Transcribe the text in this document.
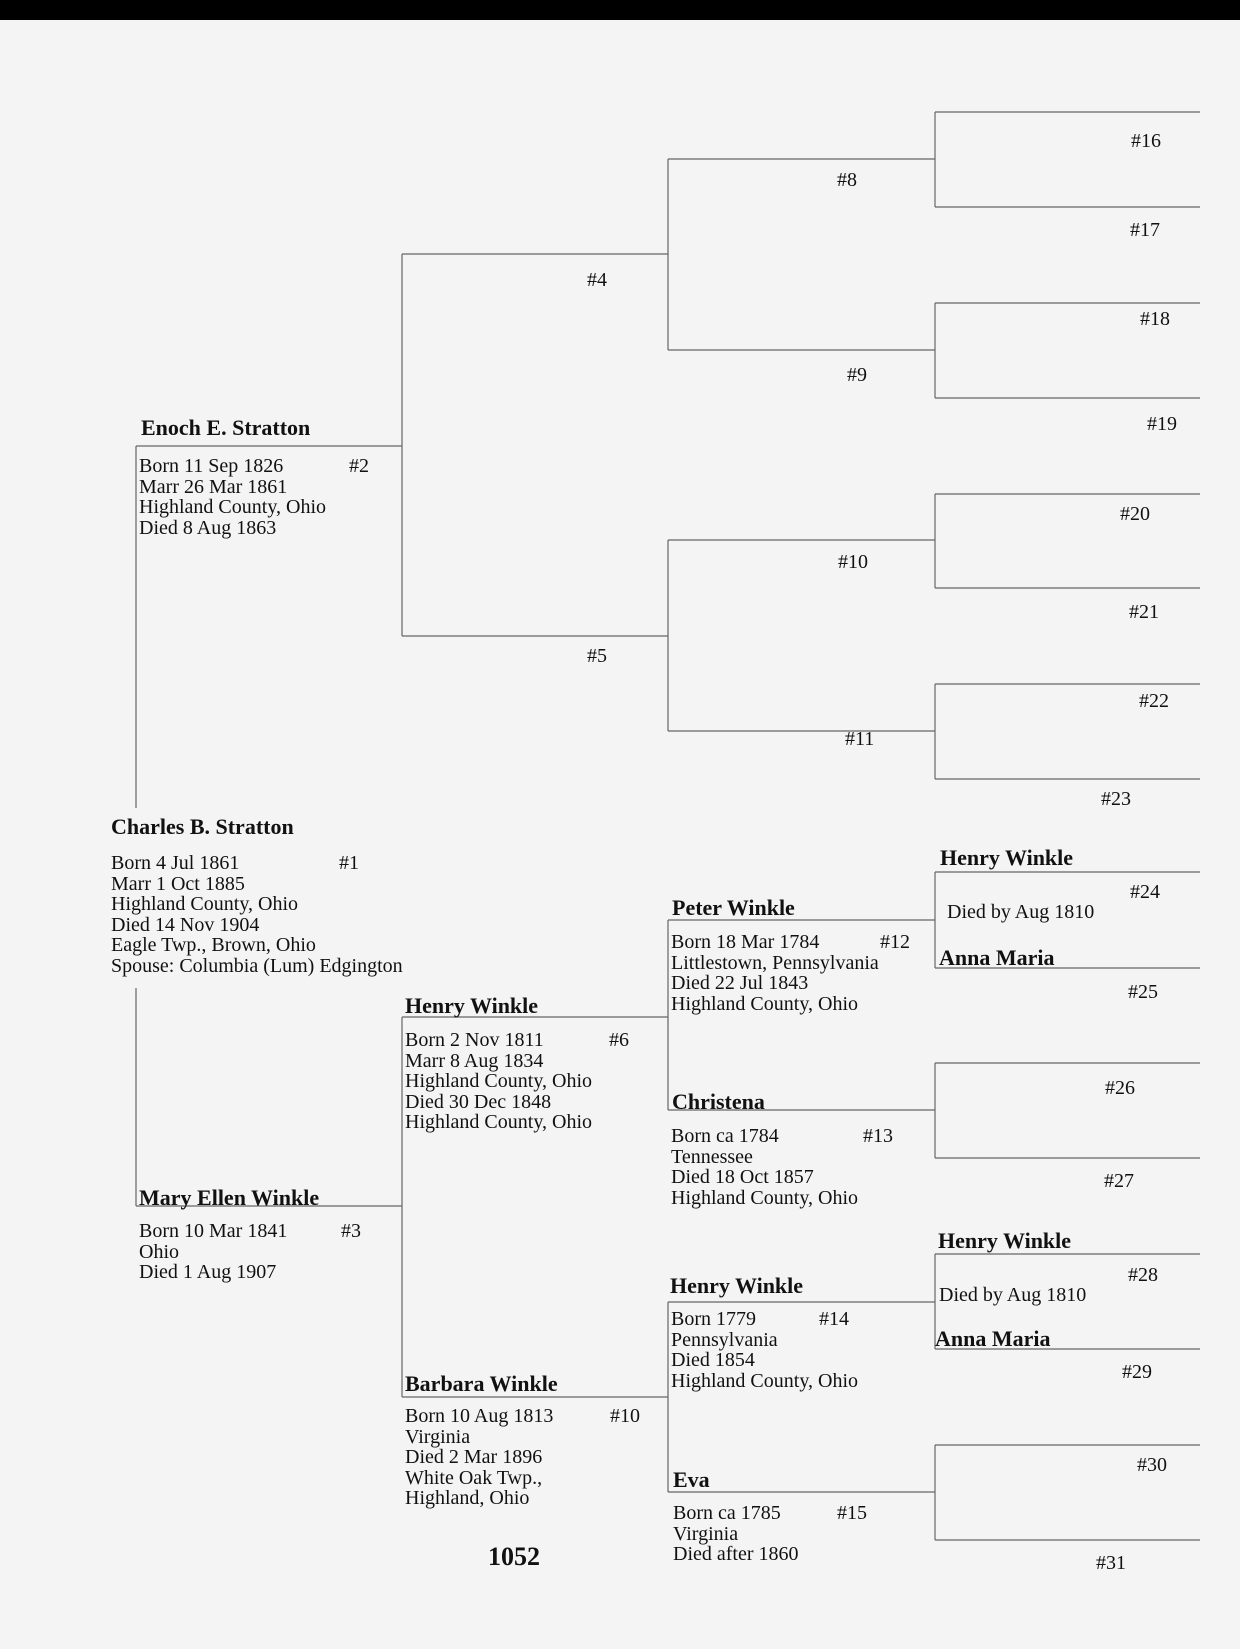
Charles B. Stratton
#1
Born 4 Jul 1861
Marr 1 Oct 1885
Highland County, Ohio
Died 14 Nov 1904
Eagle Twp., Brown, Ohio
Spouse: Columbia (Lum) Edgington
Enoch E. Stratton
#2
Born 11 Sep 1826
Marr 26 Mar 1861
Highland County, Ohio
Died 8 Aug 1863
Mary Ellen Winkle
#3
Born 10 Mar 1841
Ohio
Died 1 Aug 1907
#4
#5
Henry Winkle
#6
Born 2 Nov 1811
Marr 8 Aug 1834
Highland County, Ohio
Died 30 Dec 1848
Highland County, Ohio
Barbara Winkle
#10
Born 10 Aug 1813
Virginia
Died 2 Mar 1896
White Oak Twp.,
Highland, Ohio
#8
#9
#10
#11
Peter Winkle
#12
Born 18 Mar 1784
Littlestown, Pennsylvania
Died 22 Jul 1843
Highland County, Ohio
Christena
#13
Born ca 1784
Tennessee
Died 18 Oct 1857
Highland County, Ohio
Henry Winkle
#14
Born 1779
Pennsylvania
Died 1854
Highland County, Ohio
Eva
#15
Born ca 1785
Virginia
Died after 1860
#16
#17
#18
#19
#20
#21
#22
#23
Henry Winkle
#24
Died by Aug 1810
Anna Maria
#25
#26
#27
Henry Winkle
#28
Died by Aug 1810
Anna Maria
#29
#30
#31
1052
